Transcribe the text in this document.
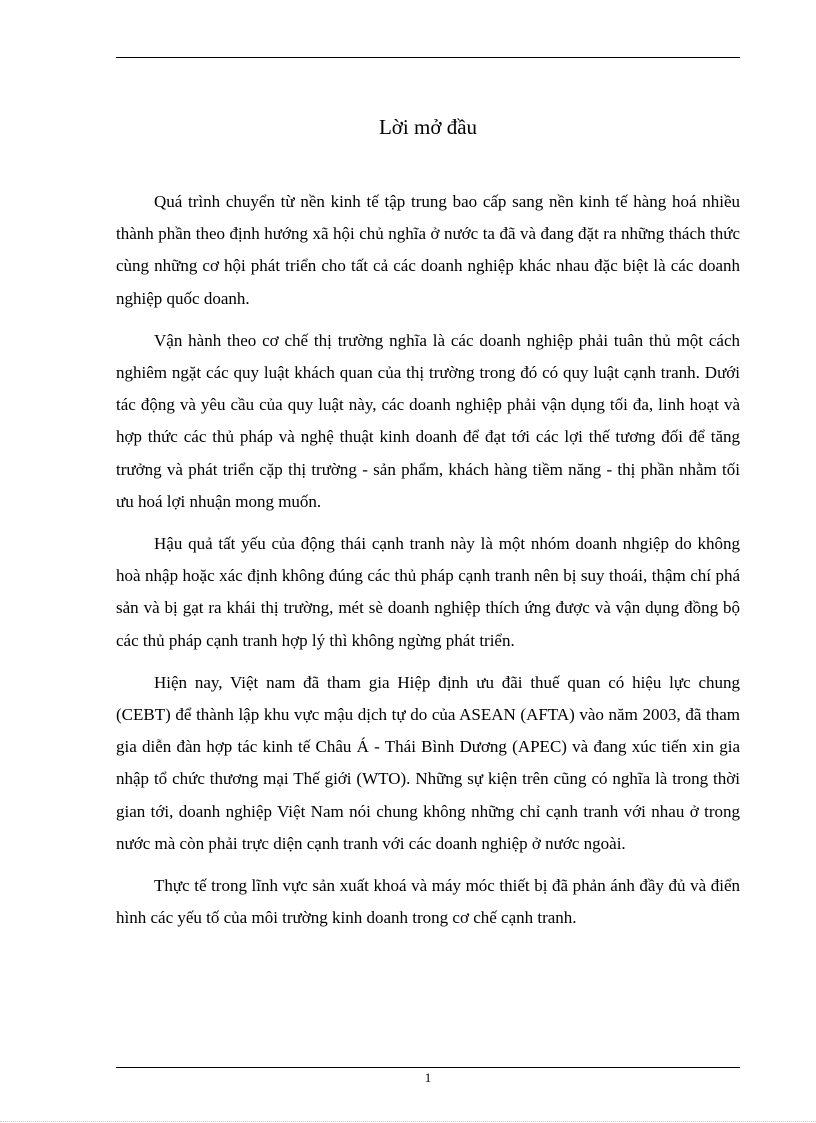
Lời mở đầu

Quá trình chuyển từ nền kinh tế tập trung bao cấp sang nền kinh tế hàng hoá nhiều thành phần theo định hướng xã hội chủ nghĩa ở nước ta đã và đang đặt ra những thách thức cùng những cơ hội phát triển cho tất cả các doanh nghiệp khác nhau đặc biệt là các doanh nghiệp quốc doanh.

Vận hành theo cơ chế thị trường nghĩa là các doanh nghiệp phải tuân thủ một cách nghiêm ngặt các quy luật khách quan của thị trường trong đó có quy luật cạnh tranh. Dưới tác động và yêu cầu của quy luật này, các doanh nghiệp phải vận dụng tối đa, linh hoạt và hợp thức các thủ pháp và nghệ thuật kinh doanh để đạt tới các lợi thế tương đối để tăng trưởng và phát triển cặp thị trường - sản phẩm, khách hàng tiềm năng - thị phần nhằm tối ưu hoá lợi nhuận mong muốn.

Hậu quả tất yếu của động thái cạnh tranh này là một nhóm doanh nhgiệp do không hoà nhập hoặc xác định không đúng các thủ pháp cạnh tranh nên bị suy thoái, thậm chí phá sản và bị gạt ra khái thị trường, mét sè doanh nghiệp thích ứng được và vận dụng đồng bộ các thủ pháp cạnh tranh hợp lý thì không ngừng phát triển.

Hiện nay, Việt nam đã tham gia Hiệp định ưu đãi thuế quan có hiệu lực chung (CEBT) để thành lập khu vực mậu dịch tự do của ASEAN (AFTA) vào năm 2003, đã tham gia diễn đàn hợp tác kinh tế Châu Á - Thái Bình Dương (APEC) và đang xúc tiến xin gia nhập tổ chức thương mại Thế giới (WTO). Những sự kiện trên cũng có nghĩa là trong thời gian tới, doanh nghiệp Việt Nam nói chung không những chỉ cạnh tranh với nhau ở trong nước mà còn phải trực diện cạnh tranh với các doanh nghiệp ở nước ngoài.

Thực tế trong lĩnh vực sản xuất khoá và máy móc thiết bị đã phản ánh đầy đủ và điển hình các yếu tố của môi trường kinh doanh trong cơ chế cạnh tranh.

1
